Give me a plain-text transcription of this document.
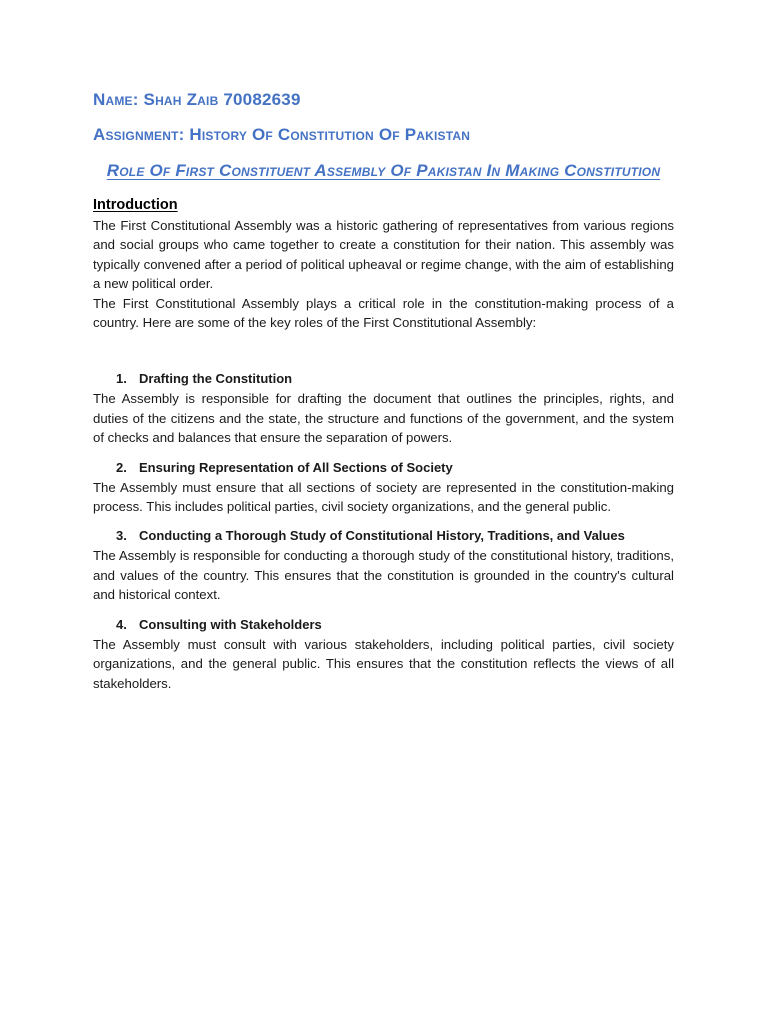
Name: Shah Zaib 70082639
Assignment: History Of Constitution Of Pakistan
Role Of First Constituent Assembly Of Pakistan In Making Constitution
Introduction

The First Constitutional Assembly was a historic gathering of representatives from various regions and social groups who came together to create a constitution for their nation. This assembly was typically convened after a period of political upheaval or regime change, with the aim of establishing a new political order.

The First Constitutional Assembly plays a critical role in the constitution-making process of a country. Here are some of the key roles of the First Constitutional Assembly:

1. Drafting the Constitution

The Assembly is responsible for drafting the document that outlines the principles, rights, and duties of the citizens and the state, the structure and functions of the government, and the system of checks and balances that ensure the separation of powers.

2. Ensuring Representation of All Sections of Society

The Assembly must ensure that all sections of society are represented in the constitution-making process. This includes political parties, civil society organizations, and the general public.

3. Conducting a Thorough Study of Constitutional History, Traditions, and Values

The Assembly is responsible for conducting a thorough study of the constitutional history, traditions, and values of the country. This ensures that the constitution is grounded in the country's cultural and historical context.

4. Consulting with Stakeholders

The Assembly must consult with various stakeholders, including political parties, civil society organizations, and the general public. This ensures that the constitution reflects the views of all stakeholders.
